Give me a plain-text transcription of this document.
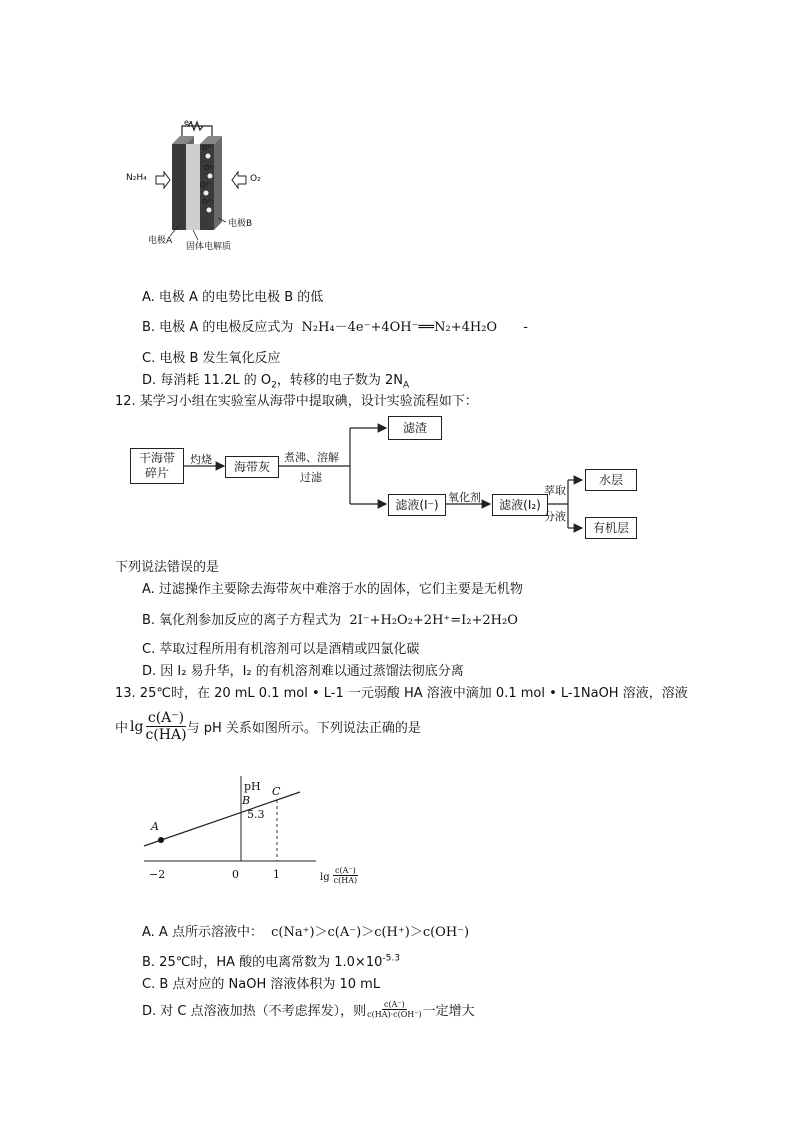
e⁻
N₂H₄	O₂
O²⁻
O²⁻
O²⁻
O²⁻
电极A
电极B
固体电解质
A. 电极 A 的电势比电极 B 的低
B. 电极 A 的电极反应式为 N₂H₄－4e⁻+4OH⁻══N₂+4H₂O -
C. 电极 B 发生氧化反应
D. 每消耗 11.2L 的 $O_2$，转移的电子数为 $2N_A$
12. 某学习小组在实验室从海带中提取碘，设计实验流程如下：
干海带
碎片
灼烧	海带灰
煮沸、溶解
过滤
滤渣
滤液(I⁻) 氧化剂	滤液(I₂)
萃取
分液
水层
有机层
下列说法错误的是
A. 过滤操作主要除去海带灰中难溶于水的固体，它们主要是无机物
B. 氧化剂参加反应的离子方程式为 2I⁻+H₂O₂+2H⁺=I₂+2H₂O
C. 萃取过程所用有机溶剂可以是酒精或四氯化碳
D. 因 I₂ 易升华，I₂ 的有机溶剂难以通过蒸馏法彻底分离
13. 25℃时，在 20 mL 0.1 mol • L-1 一元弱酸 HA 溶液中滴加 0.1 mol • L-1NaOH 溶液，溶液
中 $\lg \frac{c(A^-)}{c(HA)}$ 与 pH 关系如图所示。下列说法正确的是
pH
A
B
C
5.3
−2	0	1	$\lg \frac{c(A^-)}{c(HA)}$
A. A 点所示溶液中： c(Na⁺)＞c(A⁻)＞c(H⁺)＞c(OH⁻)
B. 25℃时，HA 酸的电离常数为 $1.0\times 10^{-5.3}$
C. B 点对应的 NaOH 溶液体积为 10 mL
D. 对 C 点溶液加热（不考虑挥发），则 $\frac{c(A^-)}{c(HA)\cdot c(OH^-)}$ 一定增大
